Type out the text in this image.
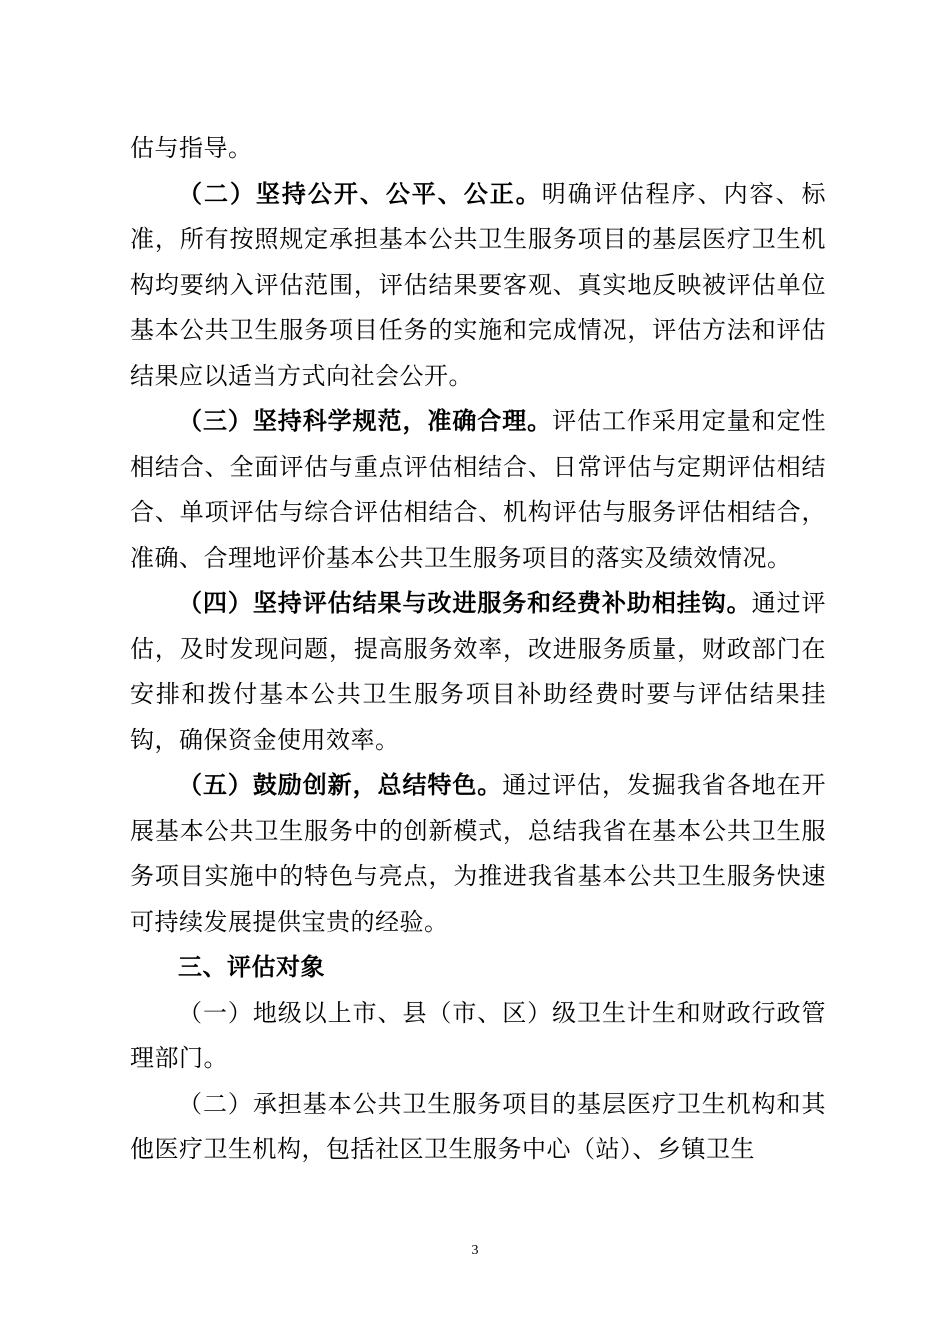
估与指导。

（二）坚持公开、公平、公正。明确评估程序、内容、标准，所有按照规定承担基本公共卫生服务项目的基层医疗卫生机构均要纳入评估范围，评估结果要客观、真实地反映被评估单位基本公共卫生服务项目任务的实施和完成情况，评估方法和评估结果应以适当方式向社会公开。

（三）坚持科学规范，准确合理。评估工作采用定量和定性相结合、全面评估与重点评估相结合、日常评估与定期评估相结合、单项评估与综合评估相结合、机构评估与服务评估相结合，准确、合理地评价基本公共卫生服务项目的落实及绩效情况。

（四）坚持评估结果与改进服务和经费补助相挂钩。通过评估，及时发现问题，提高服务效率，改进服务质量，财政部门在安排和拨付基本公共卫生服务项目补助经费时要与评估结果挂钩，确保资金使用效率。

（五）鼓励创新，总结特色。通过评估，发掘我省各地在开展基本公共卫生服务中的创新模式，总结我省在基本公共卫生服务项目实施中的特色与亮点，为推进我省基本公共卫生服务快速可持续发展提供宝贵的经验。

三、评估对象

（一）地级以上市、县（市、区）级卫生计生和财政行政管理部门。

（二）承担基本公共卫生服务项目的基层医疗卫生机构和其他医疗卫生机构，包括社区卫生服务中心（站）、乡镇卫生

3
